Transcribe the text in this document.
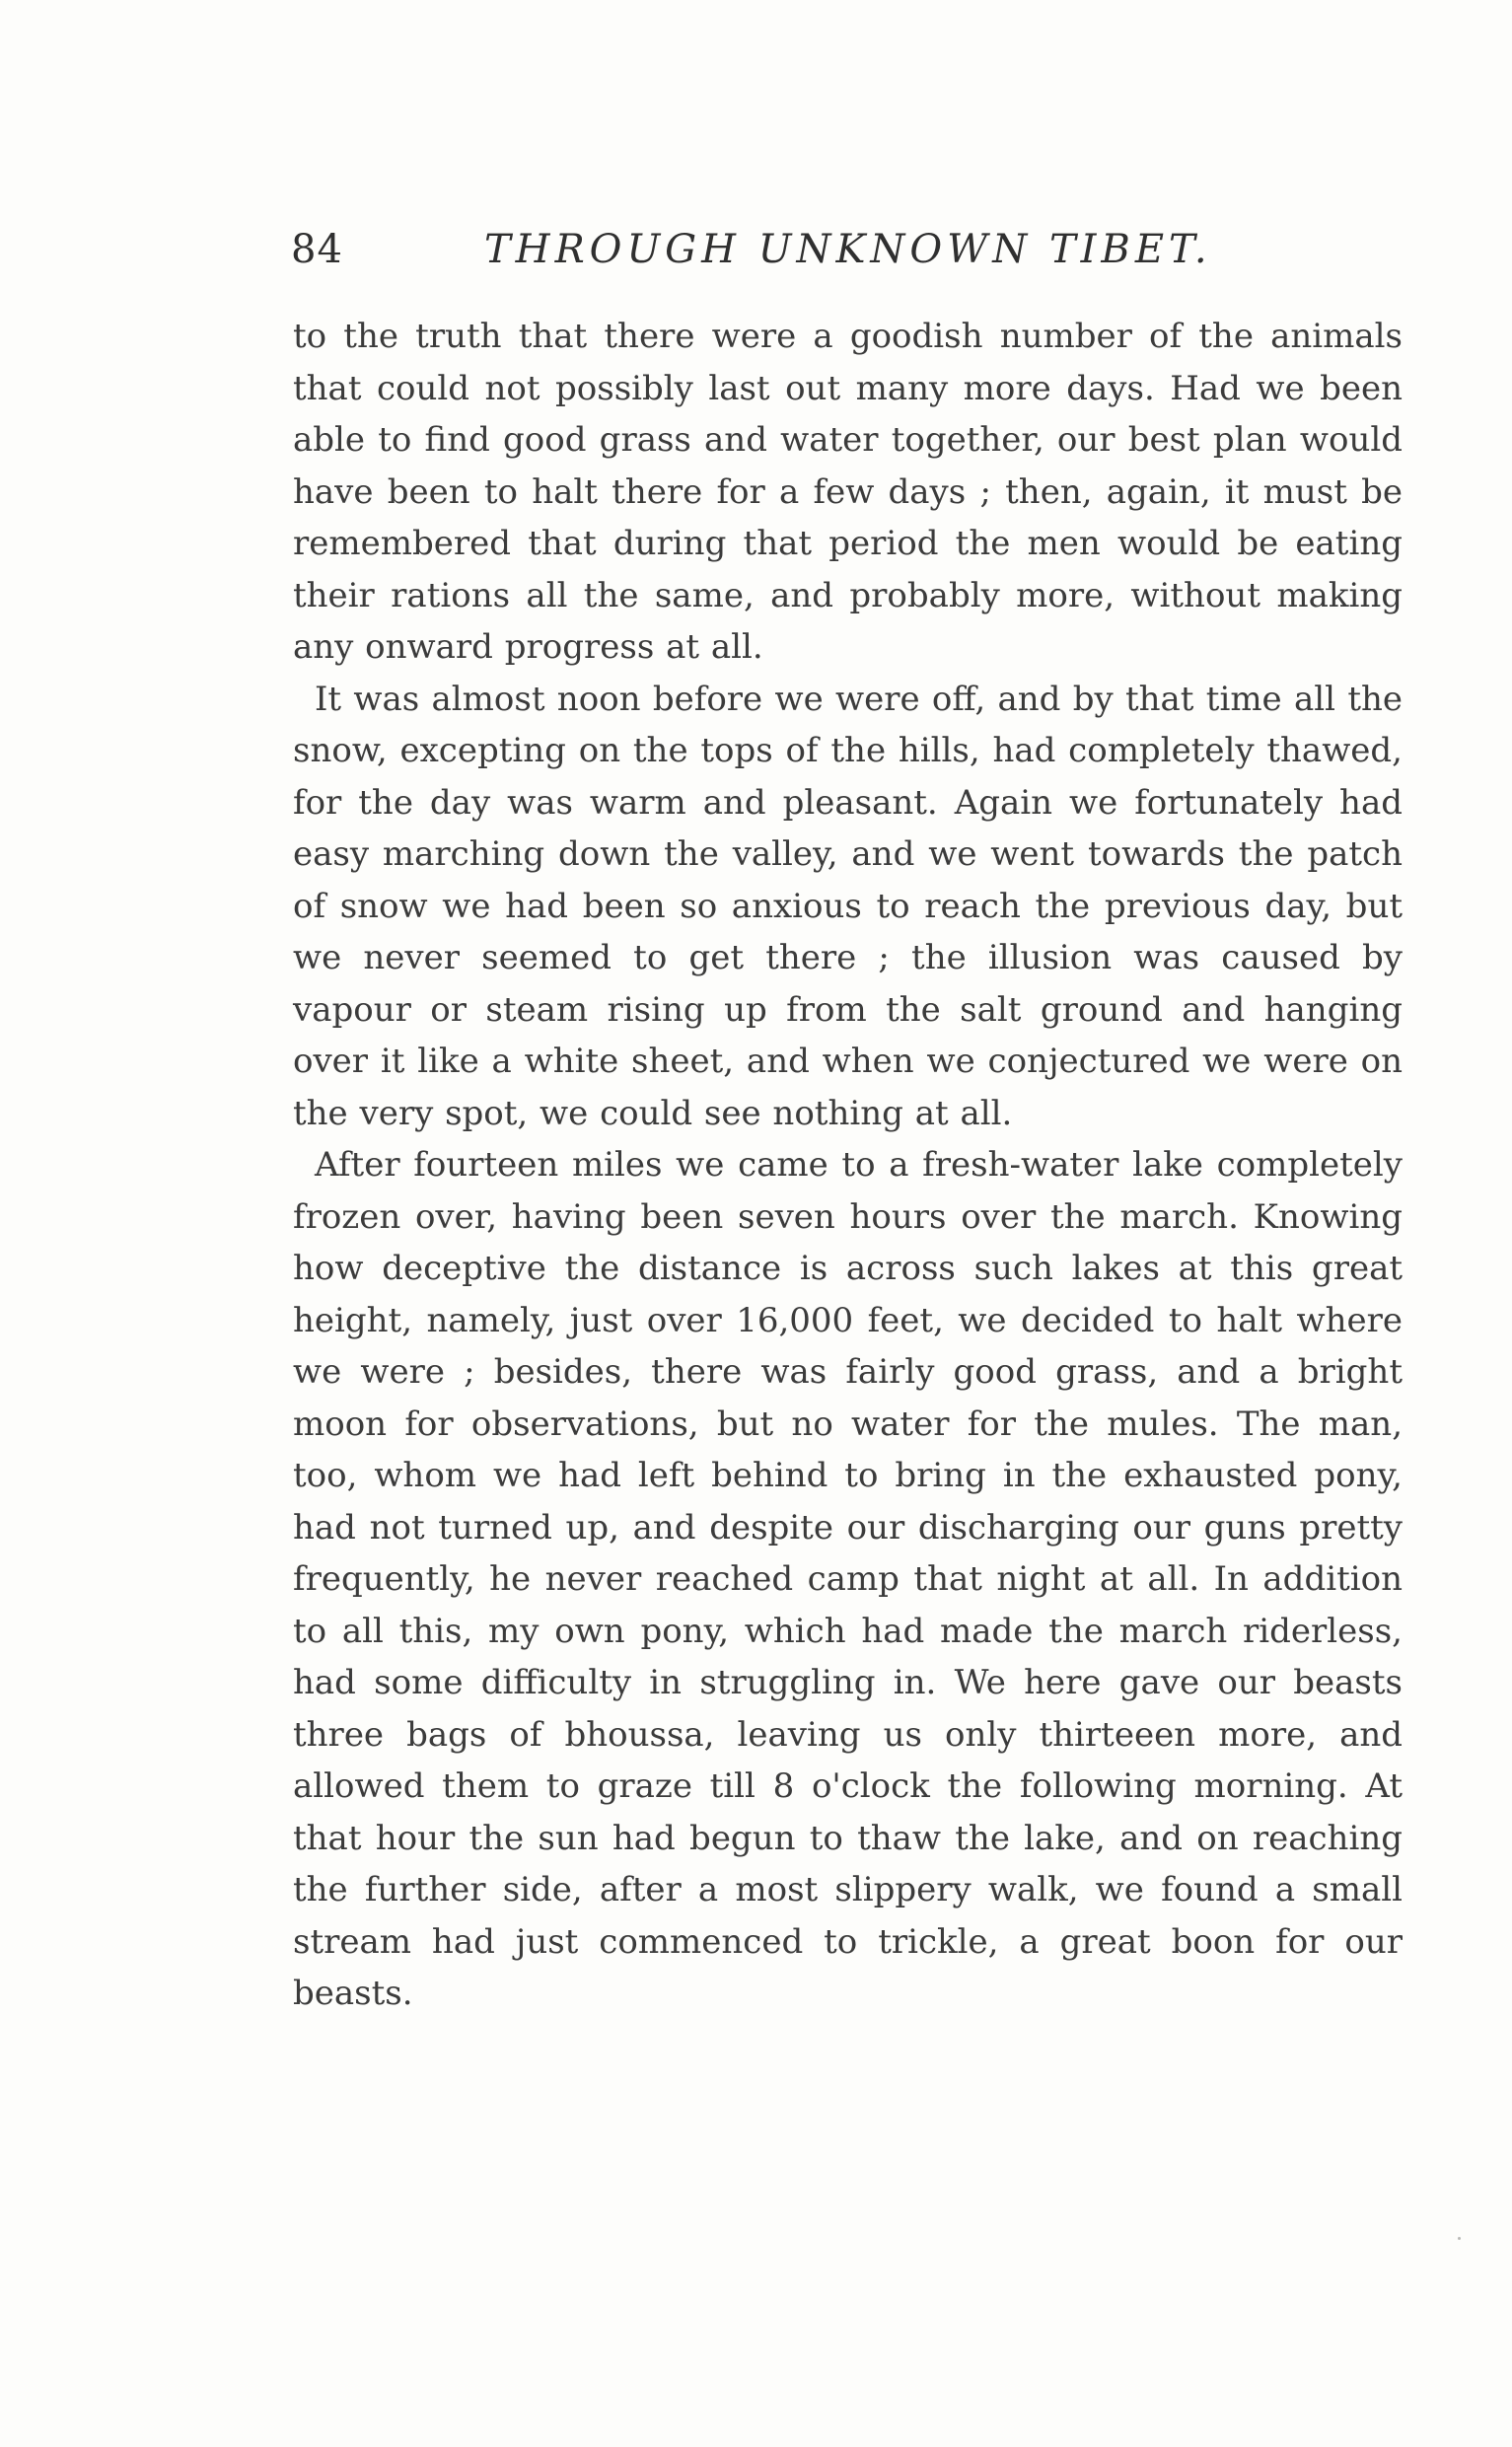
84	THROUGH UNKNOWN TIBET.

to the truth that there were a goodish number of the animals that could not possibly last out many more days. Had we been able to find good grass and water together, our best plan would have been to halt there for a few days ; then, again, it must be remembered that during that period the men would be eating their rations all the same, and probably more, without making any onward progress at all.

It was almost noon before we were off, and by that time all the snow, excepting on the tops of the hills, had completely thawed, for the day was warm and pleasant. Again we fortunately had easy marching down the valley, and we went towards the patch of snow we had been so anxious to reach the previous day, but we never seemed to get there ; the illusion was caused by vapour or steam rising up from the salt ground and hanging over it like a white sheet, and when we conjectured we were on the very spot, we could see nothing at all.

After fourteen miles we came to a fresh-water lake completely frozen over, having been seven hours over the march. Knowing how deceptive the distance is across such lakes at this great height, namely, just over 16,000 feet, we decided to halt where we were ; besides, there was fairly good grass, and a bright moon for observations, but no water for the mules. The man, too, whom we had left behind to bring in the exhausted pony, had not turned up, and despite our discharging our guns pretty frequently, he never reached camp that night at all. In addition to all this, my own pony, which had made the march riderless, had some difficulty in struggling in. We here gave our beasts three bags of bhoussa, leaving us only thirteeen more, and allowed them to graze till 8 o'clock the following morning. At that hour the sun had begun to thaw the lake, and on reaching the further side, after a most slippery walk, we found a small stream had just commenced to trickle, a great boon for our beasts.
